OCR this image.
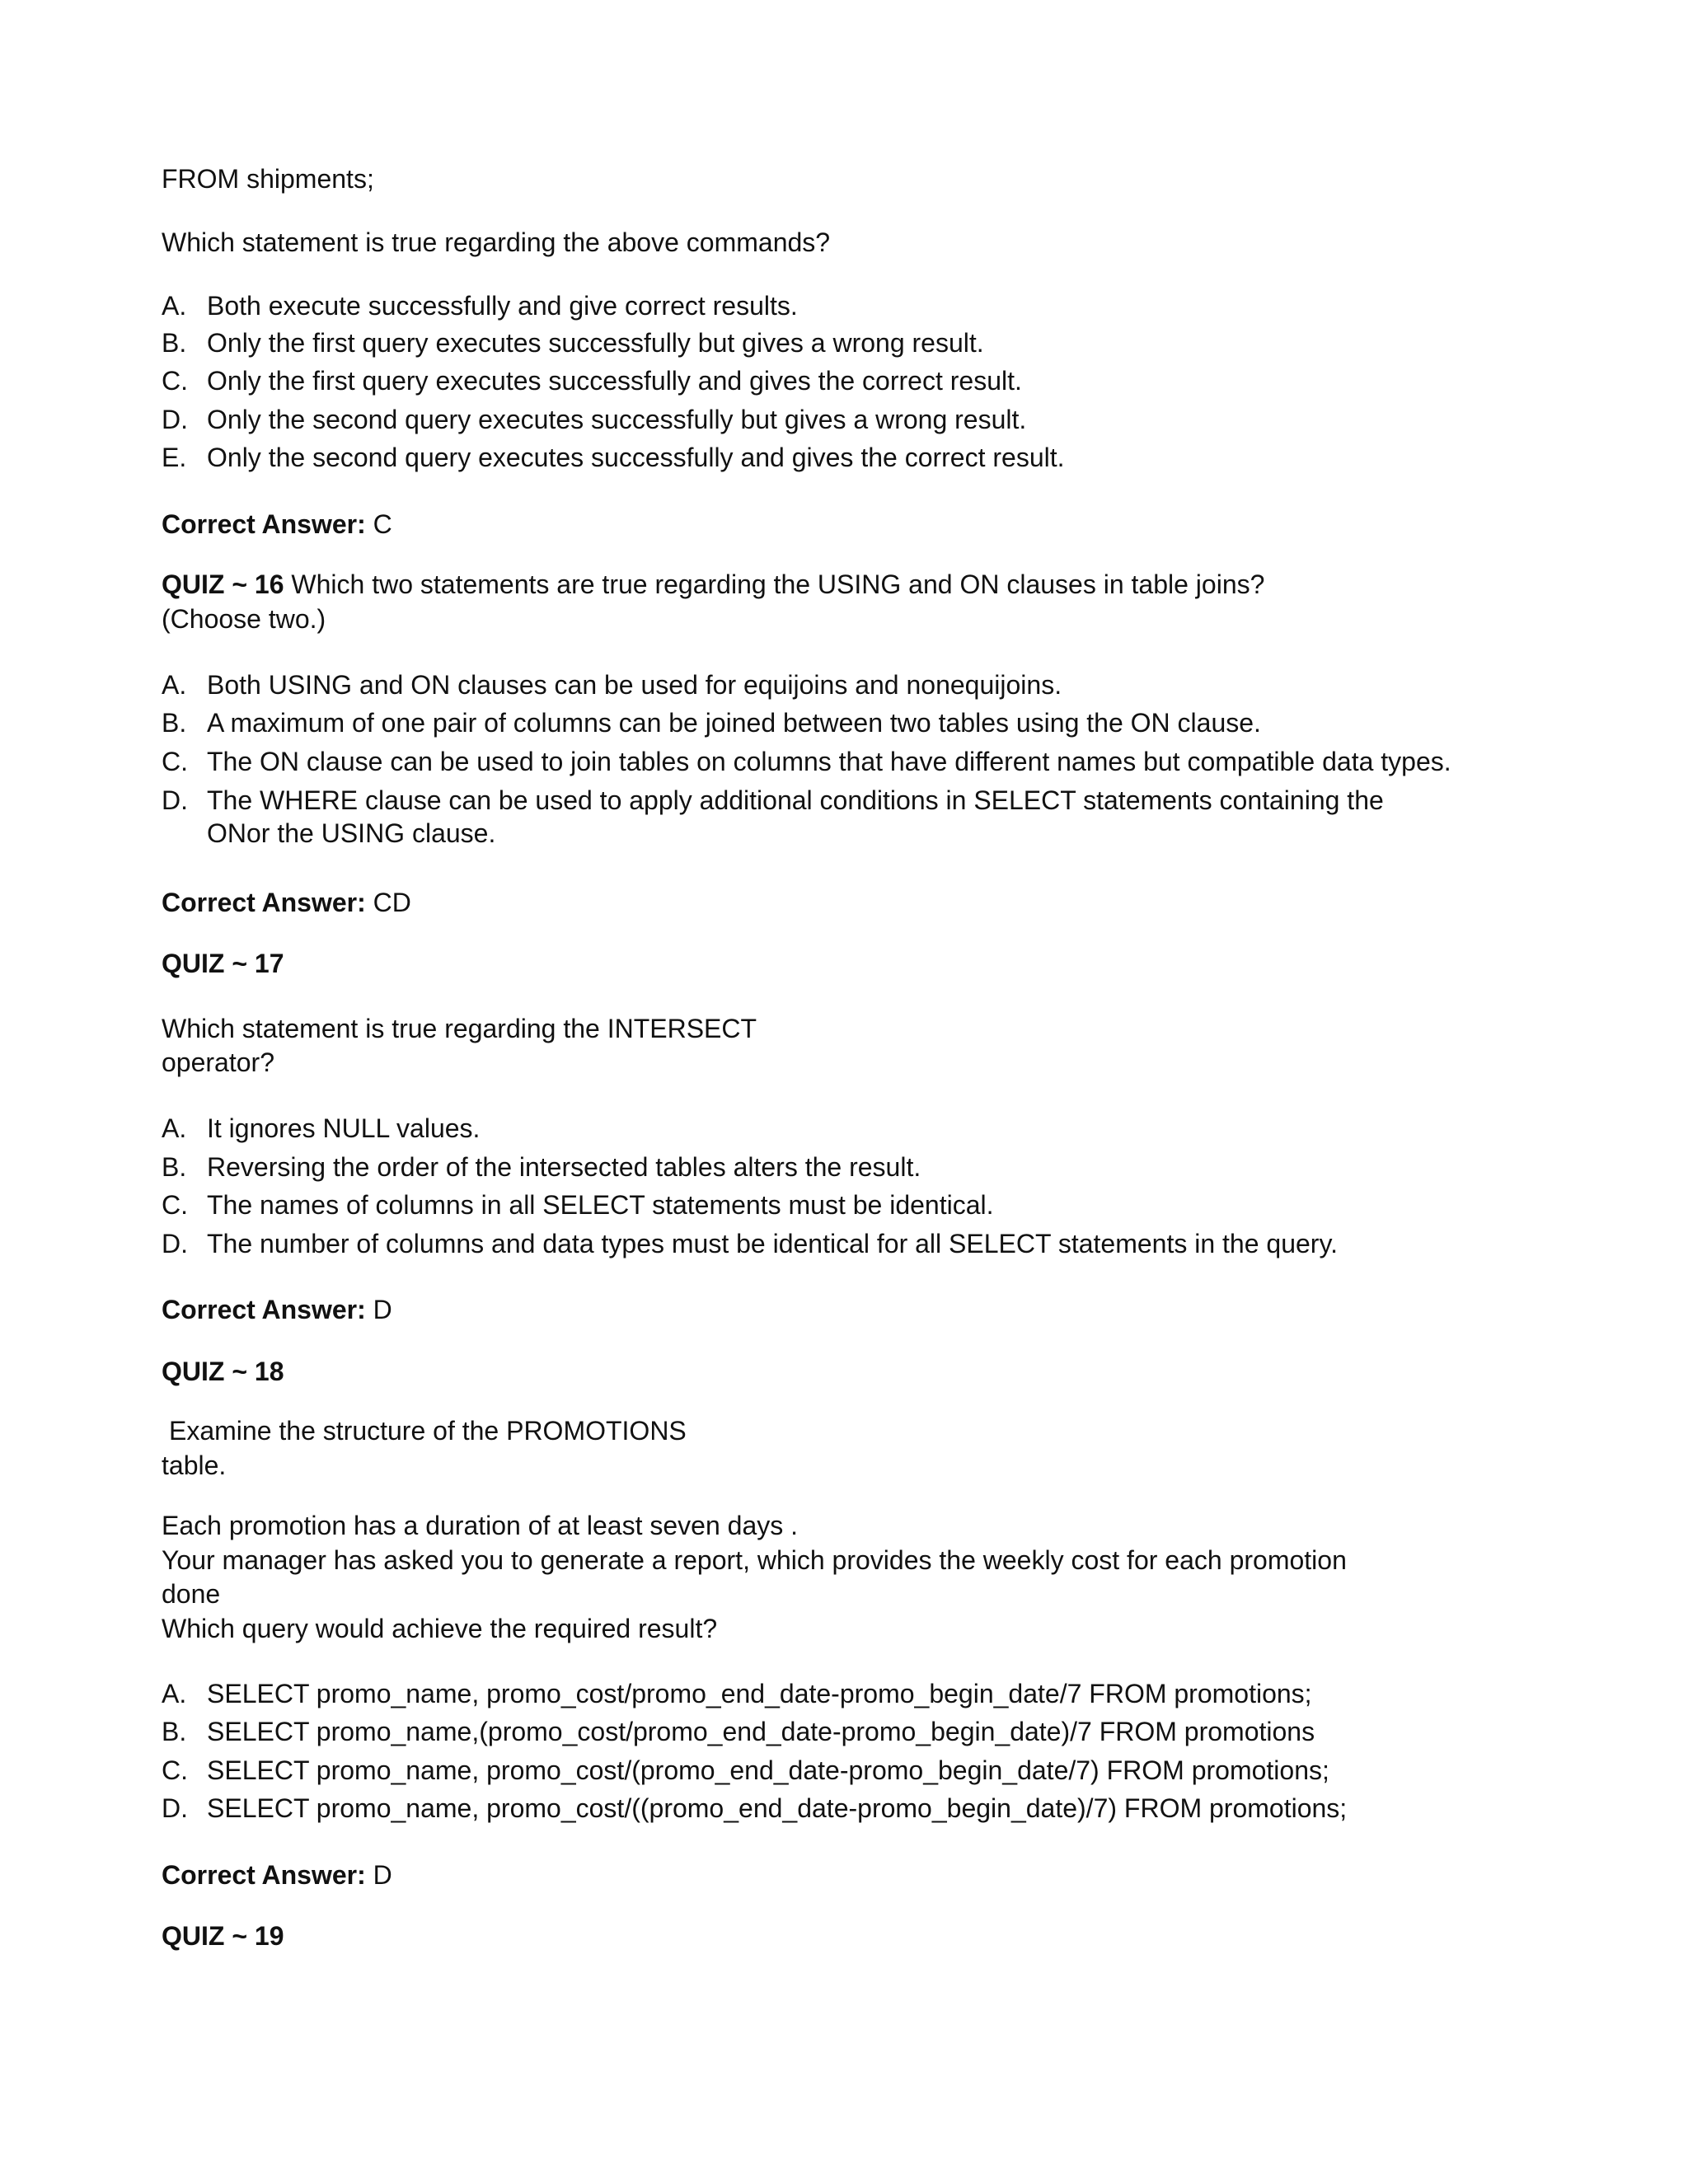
FROM shipments;
Which statement is true regarding the above commands?
A. Both execute successfully and give correct results.
B. Only the first query executes successfully but gives a wrong result.
C. Only the first query executes successfully and gives the correct result.
D. Only the second query executes successfully but gives a wrong result.
E. Only the second query executes successfully and gives the correct result.
Correct Answer: C
QUIZ ~ 16 Which two statements are true regarding the USING and ON clauses in table joins?
(Choose two.)
A. Both USING and ON clauses can be used for equijoins and nonequijoins.
B. A maximum of one pair of columns can be joined between two tables using the ON clause.
C. The ON clause can be used to join tables on columns that have different names but compatible data types.
D. The WHERE clause can be used to apply additional conditions in SELECT statements containing the
ONor the USING clause.
Correct Answer: CD
QUIZ ~ 17
Which statement is true regarding the INTERSECT
operator?
A. It ignores NULL values.
B. Reversing the order of the intersected tables alters the result.
C. The names of columns in all SELECT statements must be identical.
D. The number of columns and data types must be identical for all SELECT statements in the query.
Correct Answer: D
QUIZ ~ 18
Examine the structure of the PROMOTIONS
table.
Each promotion has a duration of at least seven days .
Your manager has asked you to generate a report, which provides the weekly cost for each promotion
done
Which query would achieve the required result?
A. SELECT promo_name, promo_cost/promo_end_date-promo_begin_date/7 FROM promotions;
B. SELECT promo_name,(promo_cost/promo_end_date-promo_begin_date)/7 FROM promotions
C. SELECT promo_name, promo_cost/(promo_end_date-promo_begin_date/7) FROM promotions;
D. SELECT promo_name, promo_cost/((promo_end_date-promo_begin_date)/7) FROM promotions;
Correct Answer: D
QUIZ ~ 19
